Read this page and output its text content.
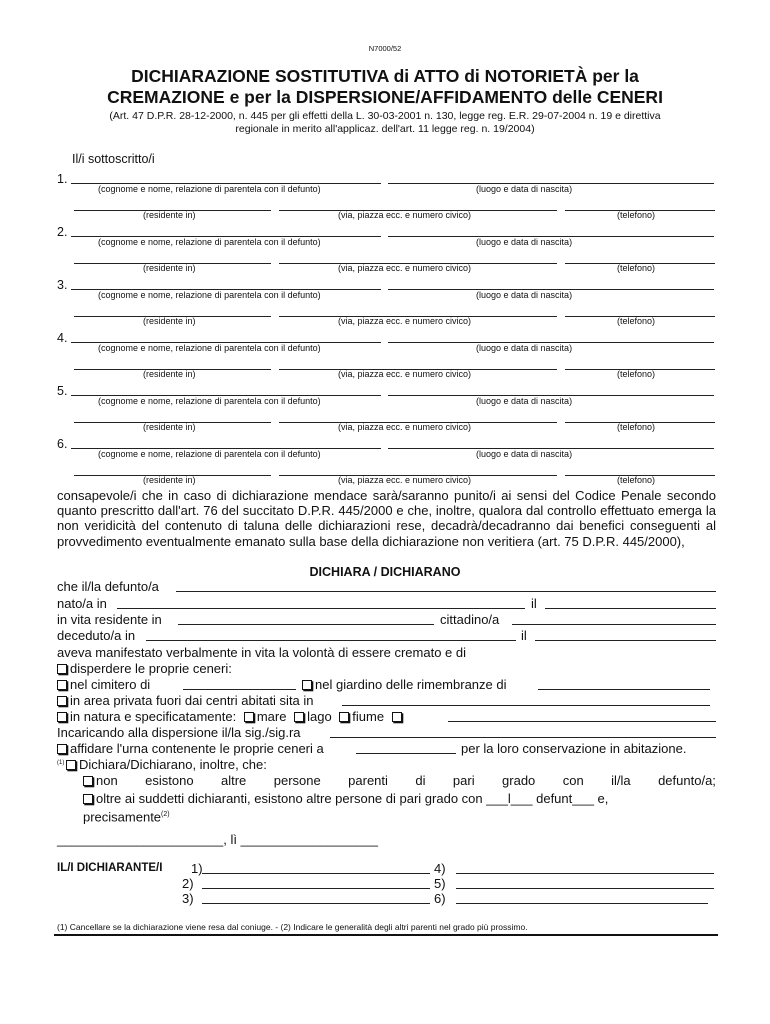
N7000/52
DICHIARAZIONE SOSTITUTIVA di ATTO di NOTORIETÀ per la
CREMAZIONE e per la DISPERSIONE/AFFIDAMENTO delle CENERI
(Art. 47 D.P.R. 28-12-2000, n. 445 per gli effetti della L. 30-03-2001 n. 130, legge reg. E.R. 29-07-2004 n. 19 e direttiva
regionale in merito all'applicaz. dell'art. 11 legge reg. n. 19/2004)
Il/i sottoscritto/i
1.
(cognome e nome, relazione di parentela con il defunto)	(luogo e data di nascita)
(residente in)	(via, piazza ecc. e numero civico)	(telefono)
2.
(cognome e nome, relazione di parentela con il defunto)	(luogo e data di nascita)
(residente in)	(via, piazza ecc. e numero civico)	(telefono)
3.
(cognome e nome, relazione di parentela con il defunto)	(luogo e data di nascita)
(residente in)	(via, piazza ecc. e numero civico)	(telefono)
4.
(cognome e nome, relazione di parentela con il defunto)	(luogo e data di nascita)
(residente in)	(via, piazza ecc. e numero civico)	(telefono)
5.
(cognome e nome, relazione di parentela con il defunto)	(luogo e data di nascita)
(residente in)	(via, piazza ecc. e numero civico)	(telefono)
6.
(cognome e nome, relazione di parentela con il defunto)	(luogo e data di nascita)
(residente in)	(via, piazza ecc. e numero civico)	(telefono)
consapevole/i che in caso di dichiarazione mendace sarà/saranno punito/i ai sensi del Codice Penale secondo quanto prescritto dall'art. 76 del succitato D.P.R. 445/2000 e che, inoltre, qualora dal controllo effettuato emerga la non veridicità del contenuto di taluna delle dichiarazioni rese, decadrà/decadranno dai benefici conseguenti al provvedimento eventualmente emanato sulla base della dichiarazione non veritiera (art. 75 D.P.R. 445/2000),
DICHIARA / DICHIARANO
che il/la defunto/a
nato/a in	il
in vita residente in	cittadino/a
deceduto/a in	il
aveva manifestato verbalmente in vita la volontà di essere cremato e di
disperdere le proprie ceneri:
nel cimitero di	nel giardino delle rimembranze di
in area privata fuori dai centri abitati sita in
in natura e specificatamente: mare lago fiume
Incaricando alla dispersione il/la sig./sig.ra
affidare l'urna contenente le proprie ceneri a	per la loro conservazione in abitazione.
(1)	Dichiara/Dichiarano, inoltre, che:
non esistono altre persone parenti di pari grado con il/la defunto/a;
oltre ai suddetti dichiaranti, esistono altre persone di pari grado con ___l___ defunt___ e,
precisamente$^{(2)}$
_______________________, lì ___________________
IL/I DICHIARANTE/I 1)
2)
3)
4)
5)
6)
(1) Cancellare se la dichiarazione viene resa dal coniuge. - (2) Indicare le generalità degli altri parenti nel grado più prossimo.
